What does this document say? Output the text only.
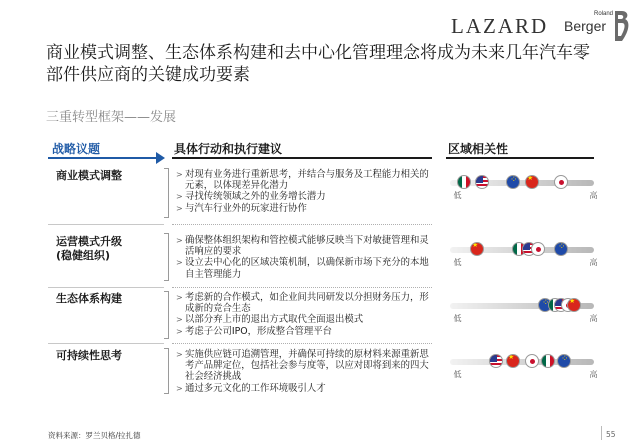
LAZARD	Roland
Berger
商业模式调整、生态体系构建和去中心化管理理念将成为未来几年汽车零部件供应商的关键成功要素
三重转型框架——发展
战略议题	具体行动和执行建议	区域相关性
商业模式调整	> 对现有业务进行重新思考，并结合与服务及工程能力相关的元素，以体现差异化潜力
> 寻找传统领域之外的业务增长潜力
> 与汽车行业外的玩家进行协作
⁘
★
低	高
运营模式升级
(稳健组织)
> 确保整体组织架构和管控模式能够反映当下对敏捷管理和灵活响应的要求
> 设立去中心化的区域决策机制，以确保新市场下充分的本地自主管理能力
★
⁘
低	高
生态体系构建	> 考虑新的合作模式，如企业间共同研发以分担财务压力，形成新的竞合生态
> 以部分弃上市的退出方式取代全面退出模式
> 考虑子公司IPO，形成整合管理平台
⁘
★
低	高
可持续性思考	> 实施供应链可追溯管理，并确保可持续的原材料来源重新思考产品牌定位，包括社会参与度等，以应对即将到来的四大社会经济挑战
> 通过多元文化的工作环境吸引人才
★
⁘
低	高
资料来源：罗兰贝格/拉扎德	55
